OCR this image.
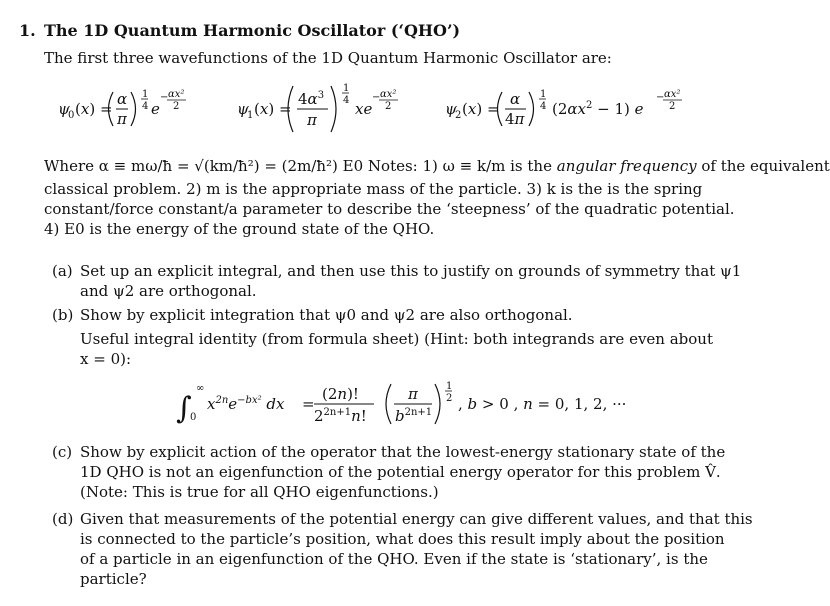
1. The 1D Quantum Harmonic Oscillator (‘QHO’)
The first three wavefunctions of the 1D Quantum Harmonic Oscillator are:
ψ
0 (x) =
α
π
1
4 e
− αx²
2	ψ
1 (x) =
$4\alpha^3$
π
1
4 xe
− αx²
2	ψ
2 (x) =
α
4π
1
4 $(2\alpha x^2 - 1)$ e
− αx²
2
Where α ≡ mω/ħ = √(km/ħ²) = (2m/ħ²) E0 Notes: 1) ω ≡ k/m is the angular frequency of the equivalent
classical problem. 2) m is the appropriate mass of the particle. 3) k is the is the spring
constant/force constant/a parameter to describe the ‘steepness’ of the quadratic potential.
4) E0 is the energy of the ground state of the QHO.
(a) Set up an explicit integral, and then use this to justify on grounds of symmetry that ψ1
and ψ2 are orthogonal.
(b) Show by explicit integration that ψ0 and ψ2 are also orthogonal.
Useful integral identity (from formula sheet) (Hint: both integrands are even about
x = 0):
∫
∞
0
$x^{2n}e^{-bx^2}$ dx =
(2n)!
$2^{2n+1}n$!
π
$b^{2n+1}$
1
2 , b > 0 , n = 0, 1, 2, ···
(c) Show by explicit action of the operator that the lowest-energy stationary state of the
1D QHO is not an eigenfunction of the potential energy operator for this problem V̂.
(Note: This is true for all QHO eigenfunctions.)
(d) Given that measurements of the potential energy can give different values, and that this
is connected to the particle’s position, what does this result imply about the position
of a particle in an eigenfunction of the QHO. Even if the state is ‘stationary’, is the
particle?
